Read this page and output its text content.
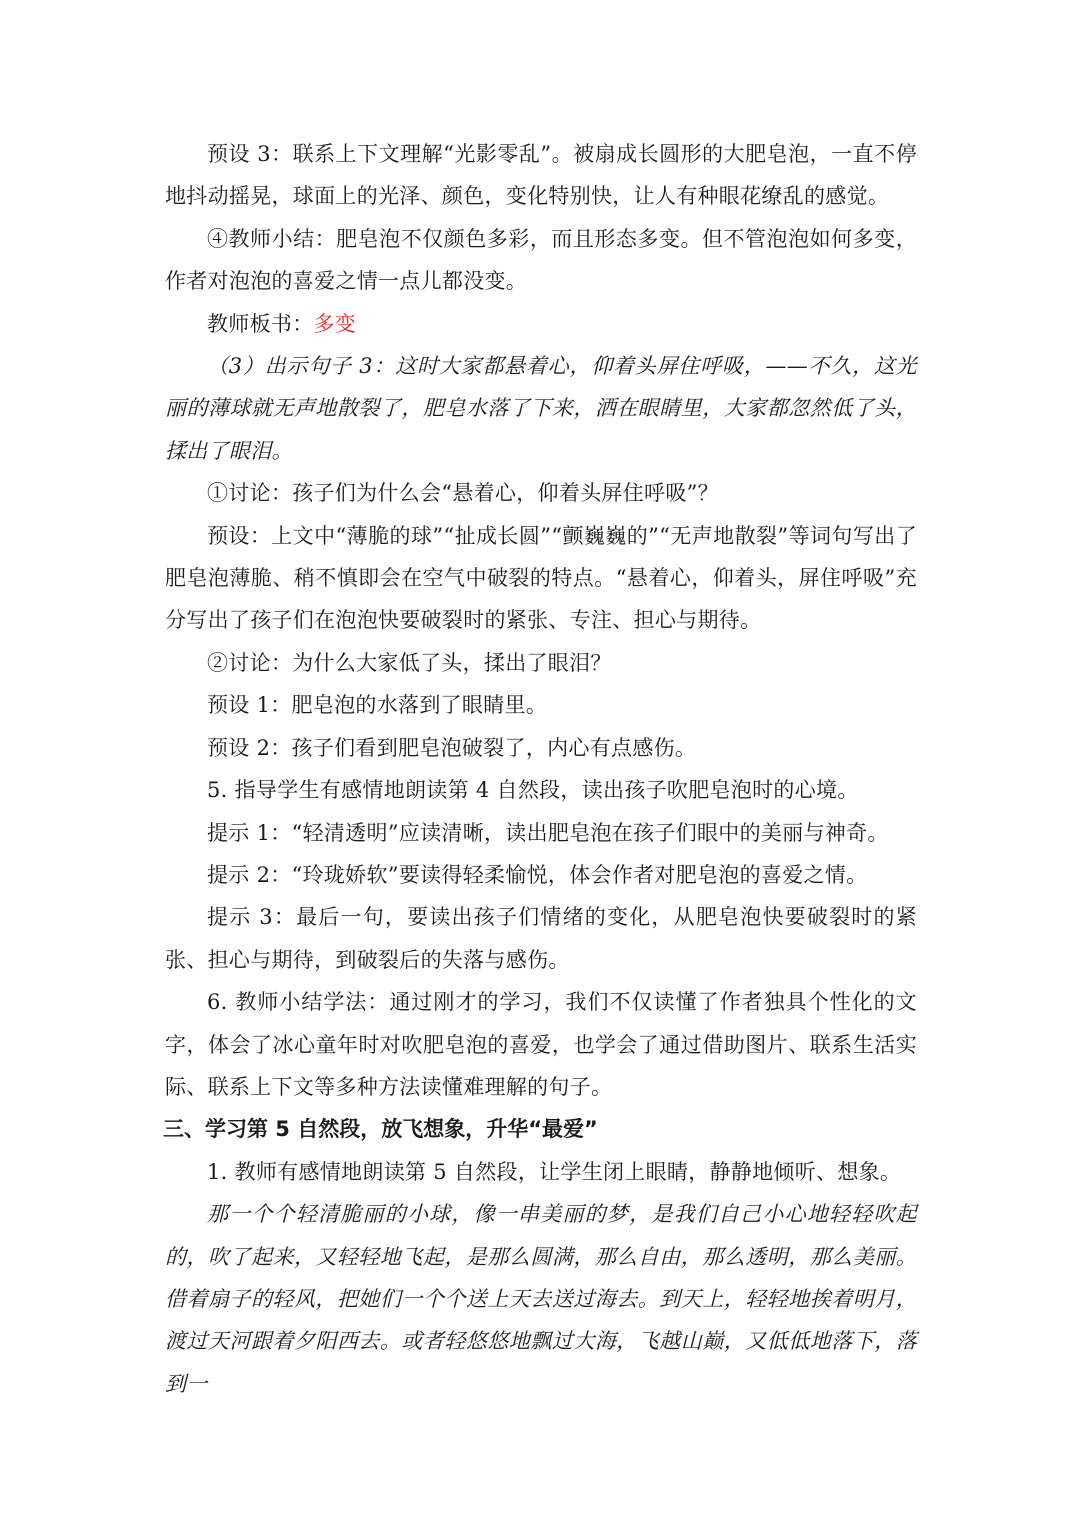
预设 3：联系上下文理解“光影零乱”。被扇成长圆形的大肥皂泡，一直不停地抖动摇晃，球面上的光泽、颜色，变化特别快，让人有种眼花缭乱的感觉。

④教师小结：肥皂泡不仅颜色多彩，而且形态多变。但不管泡泡如何多变，作者对泡泡的喜爱之情一点儿都没变。

教师板书：多变

（3）出示句子 3：这时大家都悬着心，仰着头屏住呼吸，——不久，这光丽的薄球就无声地散裂了，肥皂水落了下来，洒在眼睛里，大家都忽然低了头，揉出了眼泪。

①讨论：孩子们为什么会“悬着心，仰着头屏住呼吸”？

预设：上文中“薄脆的球”“扯成长圆”“颤巍巍的”“无声地散裂”等词句写出了肥皂泡薄脆、稍不慎即会在空气中破裂的特点。“悬着心，仰着头，屏住呼吸”充分写出了孩子们在泡泡快要破裂时的紧张、专注、担心与期待。

②讨论：为什么大家低了头，揉出了眼泪？

预设 1：肥皂泡的水落到了眼睛里。

预设 2：孩子们看到肥皂泡破裂了，内心有点感伤。

5. 指导学生有感情地朗读第 4 自然段，读出孩子吹肥皂泡时的心境。

提示 1：“轻清透明”应读清晰，读出肥皂泡在孩子们眼中的美丽与神奇。

提示 2：“玲珑娇软”要读得轻柔愉悦，体会作者对肥皂泡的喜爱之情。

提示 3：最后一句，要读出孩子们情绪的变化，从肥皂泡快要破裂时的紧张、担心与期待，到破裂后的失落与感伤。

6. 教师小结学法：通过刚才的学习，我们不仅读懂了作者独具个性化的文字，体会了冰心童年时对吹肥皂泡的喜爱，也学会了通过借助图片、联系生活实际、联系上下文等多种方法读懂难理解的句子。

三、学习第 5 自然段，放飞想象，升华“最爱”

1. 教师有感情地朗读第 5 自然段，让学生闭上眼睛，静静地倾听、想象。

那一个个轻清脆丽的小球，像一串美丽的梦，是我们自己小心地轻轻吹起的，吹了起来，又轻轻地飞起，是那么圆满，那么自由，那么透明，那么美丽。借着扇子的轻风，把她们一个个送上天去送过海去。到天上，轻轻地挨着明月，渡过天河跟着夕阳西去。或者轻悠悠地飘过大海，飞越山巅，又低低地落下，落到一
